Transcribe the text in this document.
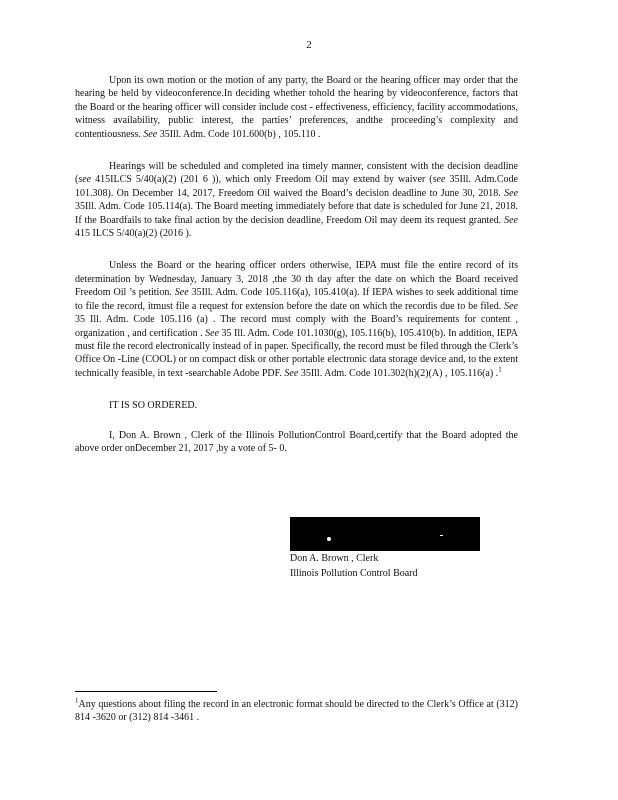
2

Upon its own motion or the motion of any party, the Board or the hearing officer may order that the hearing be held by videoconference.In deciding whether tohold the hearing by videoconference, factors that the Board or the hearing officer will consider include cost - effectiveness, efficiency, facility accommodations, witness availability, public interest, the parties’ preferences, andthe proceeding’s complexity and contentiousness. See 35Ill. Adm. Code 101.600(b) , 105.110 .

Hearings will be scheduled and completed ina timely manner, consistent with the decision deadline (see 415ILCS 5/40(a)(2) (201 6 )), which only Freedom Oil may extend by waiver (see 35Ill. Adm.Code 101.308). On December 14, 2017, Freedom Oil waived the Board’s decision deadline to June 30, 2018. See 35Ill. Adm. Code 105.114(a). The Board meeting immediately before that date is scheduled for June 21, 2018. If the Boardfails to take final action by the decision deadline, Freedom Oil may deem its request granted. See 415 ILCS 5/40(a)(2) (2016 ).

Unless the Board or the hearing officer orders otherwise, IEPA must file the entire record of its determination by Wednesday, January 3, 2018 ,the 30 th day after the date on which the Board received Freedom Oil ’s petition. See 35Ill. Adm. Code 105.116(a), 105.410(a). If IEPA wishes to seek additional time to file the record, itmust file a request for extension before the date on which the recordis due to be filed. See 35 Ill. Adm. Code 105.116 (a) . The record must comply with the Board’s requirements for content , organization , and certification . See 35 Ill. Adm. Code 101.1030(g), 105.116(b), 105.410(b). In addition, IEPA must file the record electronically instead of in paper. Specifically, the record must be filed through the Clerk’s Office On -Line (COOL) or on compact disk or other portable electronic data storage device and, to the extent technically feasible, in text -searchable Adobe PDF. See 35Ill. Adm. Code 101.302(h)(2)(A) , 105.116(a) .$^1$

IT IS SO ORDERED.

I, Don A. Brown , Clerk of the Illinois PollutionControl Board,certify that the Board adopted the above order onDecember 21, 2017 ,by a vote of 5- 0.

Don A. Brown , Clerk
Illinois Pollution Control Board
$^1$Any questions about filing the record in an electronic format should be directed to the Clerk’s Office at (312) 814 -3620 or (312) 814 -3461 .
